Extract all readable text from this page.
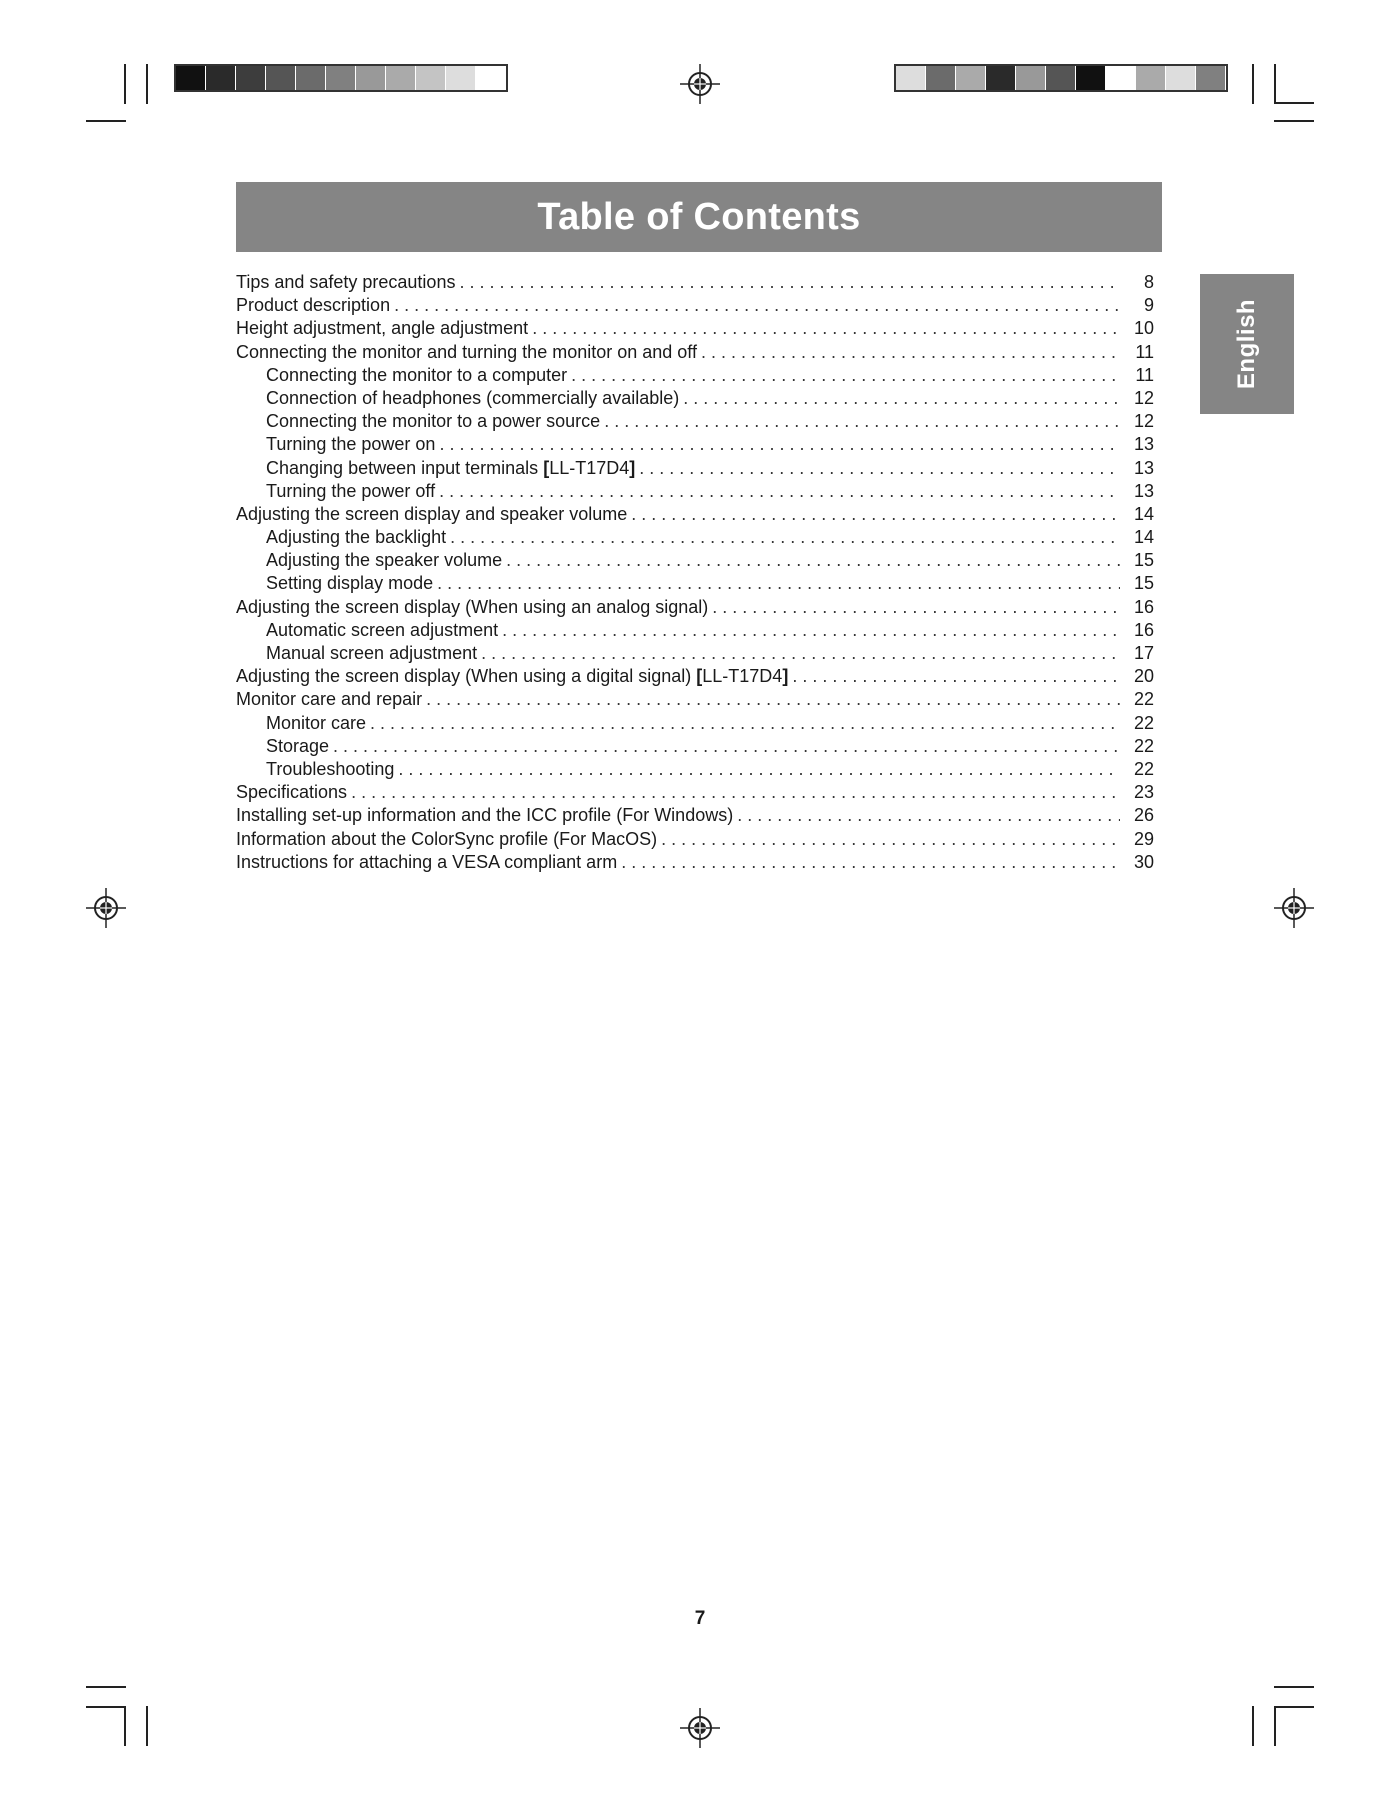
Table of Contents
English
Tips and safety precautions . . .	8
Product description . . .	9
Height adjustment, angle adjustment . . .	10
Connecting the monitor and turning the monitor on and off . . .	11
Connecting the monitor to a computer . . .	11
Connection of headphones (commercially available) . . .	12
Connecting the monitor to a power source . . .	12
Turning the power on . . .	13
Changing between input terminals [LL-T17D4] . . .	13
Turning the power off . . .	13
Adjusting the screen display and speaker volume . . .	14
Adjusting the backlight . . .	14
Adjusting the speaker volume . . .	15
Setting display mode . . .	15
Adjusting the screen display (When using an analog signal) . . .	16
Automatic screen adjustment . . .	16
Manual screen adjustment . . .	17
Adjusting the screen display (When using a digital signal) [LL-T17D4] . . .	20
Monitor care and repair . . .	22
Monitor care . . .	22
Storage . . .	22
Troubleshooting . . .	22
Specifications . . .	23
Installing set-up information and the ICC profile (For Windows) . . .	26
Information about the ColorSync profile (For MacOS) . . .	29
Instructions for attaching a VESA compliant arm . . .	30
7
